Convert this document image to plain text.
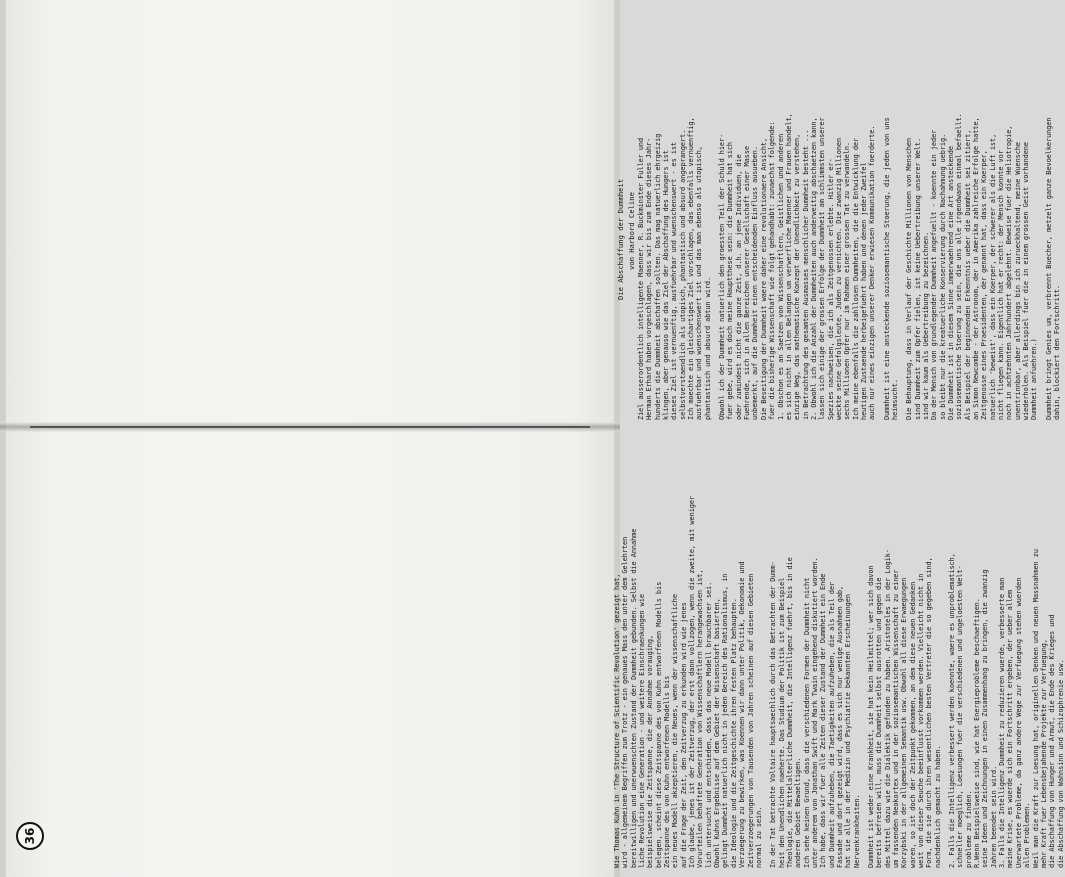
Die Abschaffung der Dummheit von Harbord Celine Ziel ausserordentlich intelligente Maenner, R. Buckminster Fuller und Herman Erhard haben vorgeschlagen, dass wir bis zum Ende dieses Jahr- hunderts die Dummheit abschaffen sollten. Das mag natuerlich ehrgeizig klingen, aber genauso wie das Ziel der Abschaffung des Hungers ist dieses Ziel ist vernuenftig, ausfuehrbar und wuenschenswert - es ist selbstverstaendlich als utopisch, phantastisch und absurd angeprangert. Ich moechte ein gleichartiges Ziel vorschlagen, das ebenfalls vernuenftig, ausfuehrbar und wuenschenswert ist und das man ebenso als utopisch, phantastisch und absurd abtun wird. Obwohl ich der Dummheit natuerlich den groessten Teil der Schuld hier- fuer gebe, wird es doch meine Hauptthese sein: die Dummheit hat sich oder zumindest nicht die ganze Zeit, d.h. an jene Individuen, die Fuehrende, sich in allen Bereichen unserer Gesellschaft einer Masse unbemerkt, auf die Dummheit einen entscheidenden Einfluss ausueben. Die Beseitigung der Dummheit waere daher eine revolutionaere Ansicht, fuer die bisherige Wissenschaft wie folgt gehandhabt: zunaechst folgende: 1. Obschon es an Saetzen von Wissenschaftlern, Geistlichen und anderen es sich nicht in allen Belangen um verwerfliche Maenner und Frauen handelt, einzige Weg, das mathematische Konzept der Unendlichkeit zu verstehen, in Betrachtung des gesamten Ausmasses menschlicher Dummheit besteht ... 2. Obwohl ich die Anzahl der Dummheiten auch anderweitig abschaetzen kann, lassen sich einige der grossen Erfolge der Dummheit am schlimmsten unserer Spezies nachweisen, die ich als Zeitgenossen erlebte. Hitler er- weckte seine Gefolgsleute, Juden zu vernichten. Die zwanzig Millionen sechs Millionen Opfer nur im Rahmen einer grossen Tat zu verwandeln. Ich meine ebenfalls die zahllosen Dummheiten, die die Entwicklung der heutigen Zustaende herbeigefuehrt haben und denen jeder Zweifel auch nur eines einzigen unserer Denker erwiesen Kommunikation foerderte. Dummheit ist eine ansteckende soziosemantische Stoerung, die jeden von uns heimsucht. Die Behauptung, dass in Verlauf der Geschichte Millionen von Menschen sind Dummheit zum Opfer fielen, ist keine Uebertreibung unserer Welt. sind wir kaum als Uebertreibung zu bezeichnen. Da der Mensch von grundlegender Dummheit angefuellt - koennte ein jeder so bleibt nur die kreatuerliche Konservierung durch Nachahmung uebrig. Die Dummheit ist in diesem Sinne immerwaehrend eine Art ansteckende soziosemantische Stoerung zu sein, die uns alle irgendwann einmal befaellt. Als Beispiel der beginnenden Erkenntnis ueber die Dummheit sei zitiert, an Simon Newcombe - der Astronom, der in Amerika zahlreiche Erfolge hatte, Zeitgenosse eines Praesidenten, der genannt hat, dass ein Koerper, natuerlich 'beweist', dass ein Koerper, der schwerer als die Luft ist, nicht fliegen kann. Eigentlich hat er recht: der Mensch konnte vor noch in achtzehnten Jahrhundert abgelehnt. Beweise fuer die Heliotropie, unentrinnbar, aber allerdings bin ich zurueckhaltend, meine Wuensche wiederholen. Als Beispiel fuer die in einem grossen Geist vorhandene Dummheit anfuehren.) Dummheit bringt Genies um, verbrennt Buecher, metzelt ganze Bevoelkerungen dahin, blockiert den Fortschritt.
Wie Thomas Kuhn in 'The Structure of Scientific Revolution' gezeigt hat, wird - allgemeinem Begriffen zum Trotz - ein genaues Mass den unter dem Gelehrten bereitwilligen und unerwuenschten Zustand der Dummheit gebunden. Selbst die Annahme liche Revolution eine Generation - und weitere Einschraenkungen wie beispielsweise die Zeitspanne, die der Annahme vorauging, belegen, scheint diese Zeitspanne des von Kuhn entworfenen Modells bis Zeitspanne des von Kuhn entworfenen Modells bis ein neues Modell akzeptieren, die Neues, wenn der wissenschaftliche auf die Frage der Zeit, den Zeitverzug zu erkunden wird wie jenes Ich glaube, jenes ist der Zeitverzug, der erst dann vollzogen, wenn die zweite, mit weniger Vorurteilen behaftete Generation von Wissenschaftlern herangewachsen ist, lich untersucht und entschieden, dass das neue Modell brauchbarer sei. Obwohl Kuhns Ergebnisse auf dem Gebiet der Wissenschaft basierten, gelingt Dummheit natuerlich nicht in jeden Bereich des Rationalismus, in die Ideologie und die Zeitgeschichte ihren festen Platz behaupten. Verzoegerung zu bewirken, was Koennen wir dann unter Politik, Oekonomie und Zeitverzoegerungen von Tausenden von Jahren scheinen auf diesen Gebieten normal zu sein. In der Tat betrachte Voltaire hauptsaechlich durch das Betrachten der Dumm- heit den Unendlichen naeherte. Das Studium der Politik ist zum Beispiel Theologie, die Mittelalterliche Dummheit, die Intelligenz fuehrt, bis in die anderen Gebiet Bewaeltigen. Ich sehe keinen Grund, dass die verschiedenen Formen der Dummheit nicht unter anderem von Jonathan Swift und Mark Twain eingehend diskutiert worden. Ich habe, dass wir fuer alle Zeiten dieser Zustand der Dummheit ein Ende und Dummheit aufzuheben, die Taetigkeiten aufzuheben, die als Teil der Fassade und dort gezeigt wird, dass es sich nur wenige Ausnahmen gab, hat sie alle in der Medizin und Psychiatrie bekannten Erscheinungen Nervenkrankheiten. Dummheit ist weder eine Krankheit, sie hat kein Heilmittel; wer sich davon bereits befreien will, muss die Dummheit selbst ausrotten und gegen die des Mittel dazu wie die Dialektik gefunden zu haben. Aristoteles in der Logik- um fassenden Neokortex und in der soziosemantischen Wissenschaft zu einer Korzybski in der allgemeinen Semantik usw. Obwohl all diese Erwaegungen waren, so ist doch der Zeitpunkt gekommen, an dem diese neuen Gedanken weit von dieser Seuche beeinflusst vorkommen werden. Vielleicht nicht in Form, die sie durch ihren wesentlichen besten Vertreter die so gegeben sind, nachdenklich gemacht zu haben. 2. Falls die Intelligenz verbessert werden koennte, waere es unproblematisch, schneller moeglich, Loesungen fuer die verschiedenen und ungeloesten Welt- probleme zu finden. R.Wenn Beispielsweise sind, wie hat Energieprobleme beschaeftigen. seine Ideen und Zeichnungen in einen Zusammenhang zu bringen, die zwanzig Jahren beendet sein wird. 3. Falls die Intelligenz Dummheit zu reduzieren wuerde, verbesserte man meine Krise, es wuerde sich ein Fortschritt ergeben, der ueber allem Unerwartete Probleme, da ganz andere Wege zur Verfuegung stehen wuerden allen Problemen. Weil man die Kraft zur Loesung hat, originellen Denken und neuen Massnahmen zu mehr Kraft fuer Lebensbejahende Projekte zur Verfuegung, die Abschaffung von Hunger und Armut, die Ende des Krieges und die Abschaffung von Wahnsinn und Schizophrenie usw.
36
